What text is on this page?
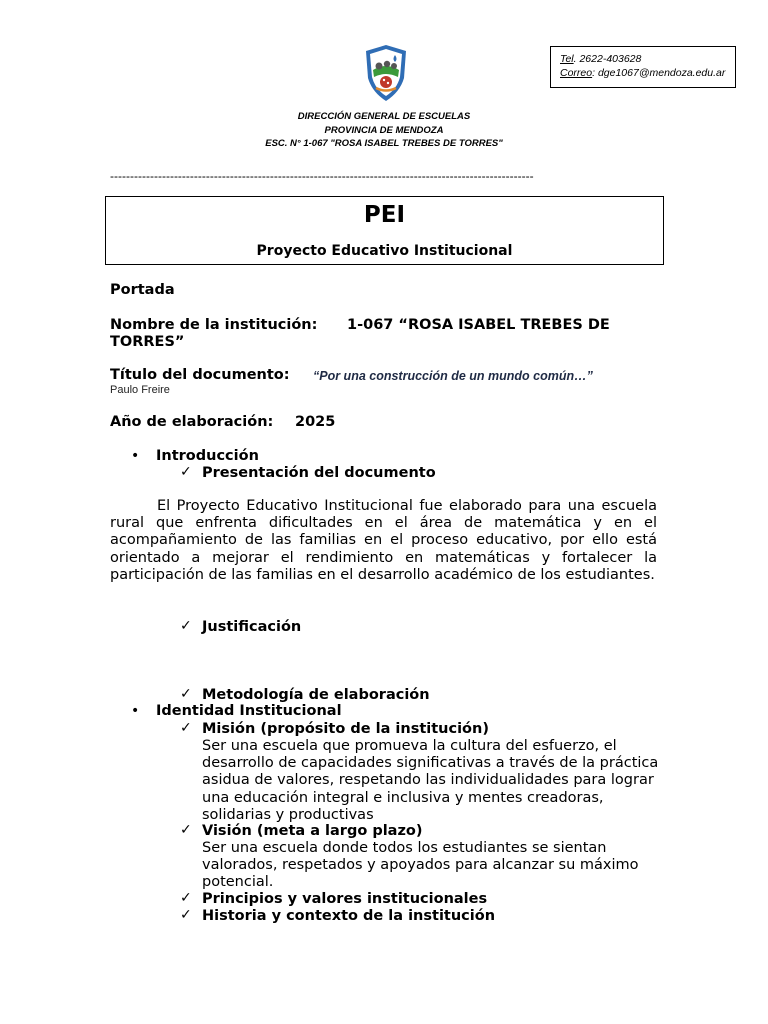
Tel. 2622-403628
Correo: dge1067@mendoza.edu.ar
DIRECCIÓN GENERAL DE ESCUELAS
PROVINCIA DE MENDOZA
ESC. N° 1-067 "ROSA ISABEL TREBES DE TORRES"
----------------------------------------------------------------------------------------------------------
PEI
Proyecto Educativo Institucional
Portada
Nombre de la institución: 1-067 “ROSA ISABEL TREBES DE
TORRES”
Título del documento: “Por una construcción de un mundo común…”
Paulo Freire
Año de elaboración: 2025
• Introducción
✓ Presentación del documento
El Proyecto Educativo Institucional fue elaborado para una escuela rural que enfrenta dificultades en el área de matemática y en el acompañamiento de las familias en el proceso educativo, por ello está orientado a mejorar el rendimiento en matemáticas y fortalecer la participación de las familias en el desarrollo académico de los estudiantes.
✓ Justificación
✓ Metodología de elaboración
• Identidad Institucional
✓ Misión (propósito de la institución)
Ser una escuela que promueva la cultura del esfuerzo, el desarrollo de capacidades significativas a través de la práctica asidua de valores, respetando las individualidades para lograr una educación integral e inclusiva y mentes creadoras, solidarias y productivas
✓ Visión (meta a largo plazo)
Ser una escuela donde todos los estudiantes se sientan valorados, respetados y apoyados para alcanzar su máximo potencial.
✓ Principios y valores institucionales
✓ Historia y contexto de la institución
